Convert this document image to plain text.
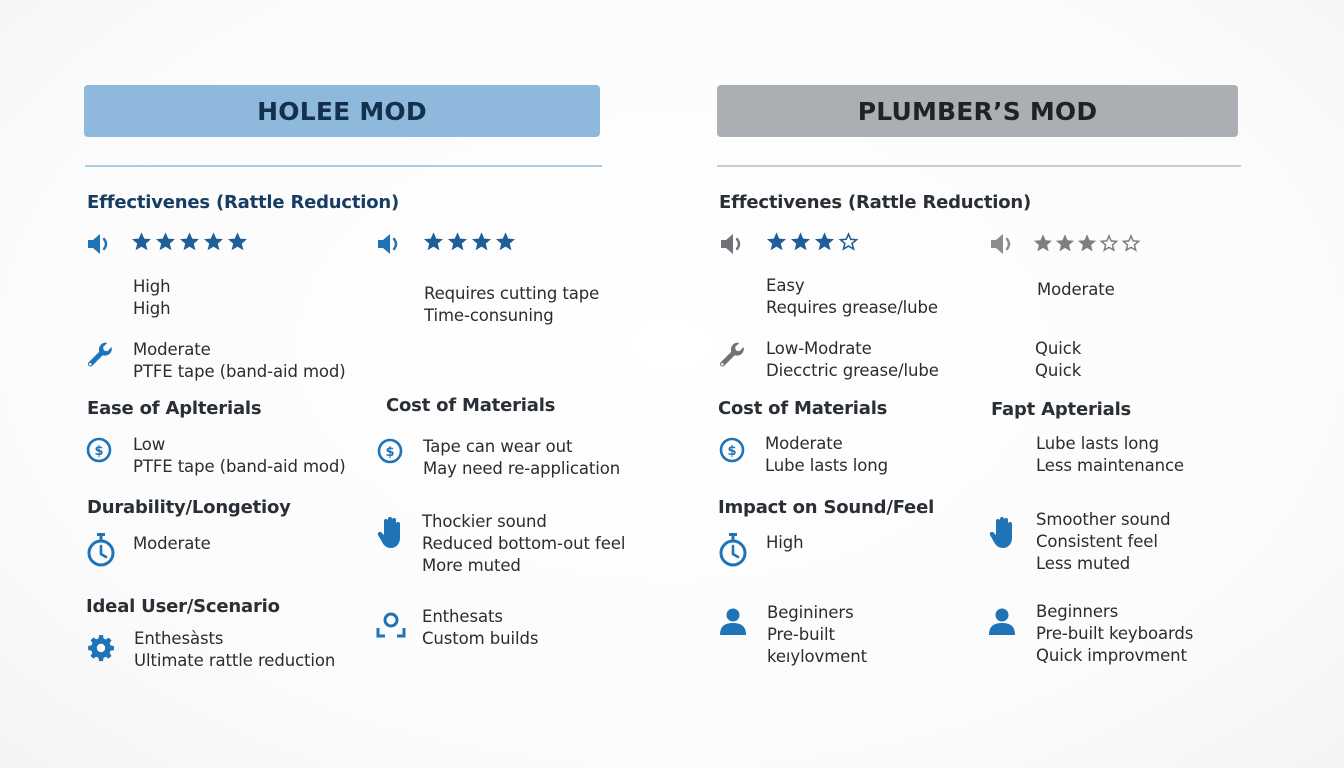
HOLEE MOD
Effectivenes (Rattle Reduction)
High
High
Requires cutting tape
Time-consuning
Moderate
PTFE tape (band-aid mod)
Ease of Aplterials	Cost of Materials
$ Low
PTFE tape (band-aid mod)
$ Tape can wear out
May need re-application
Durability/Longetioy
Moderate
Thockier sound
Reduced bottom-out feel
More muted
Ideal User/Scenario
Enthesàsts
Ultimate rattle reduction
Enthesats
Custom builds
PLUMBER’S MOD
Effectivenes (Rattle Reduction)
Easy
Requires grease/lube
Moderate
Low-Modrate
Diecctric grease/lube
Quick
Quick
Cost of Materials	Fapt Apterials
$ Moderate
Lube lasts long
Lube lasts long
Less maintenance
Impact on Sound/Feel
High
Smoother sound
Consistent feel
Less muted
Begininers
Pre-built
keıylovment
Beginners
Pre-built keyboards
Quick improvment
